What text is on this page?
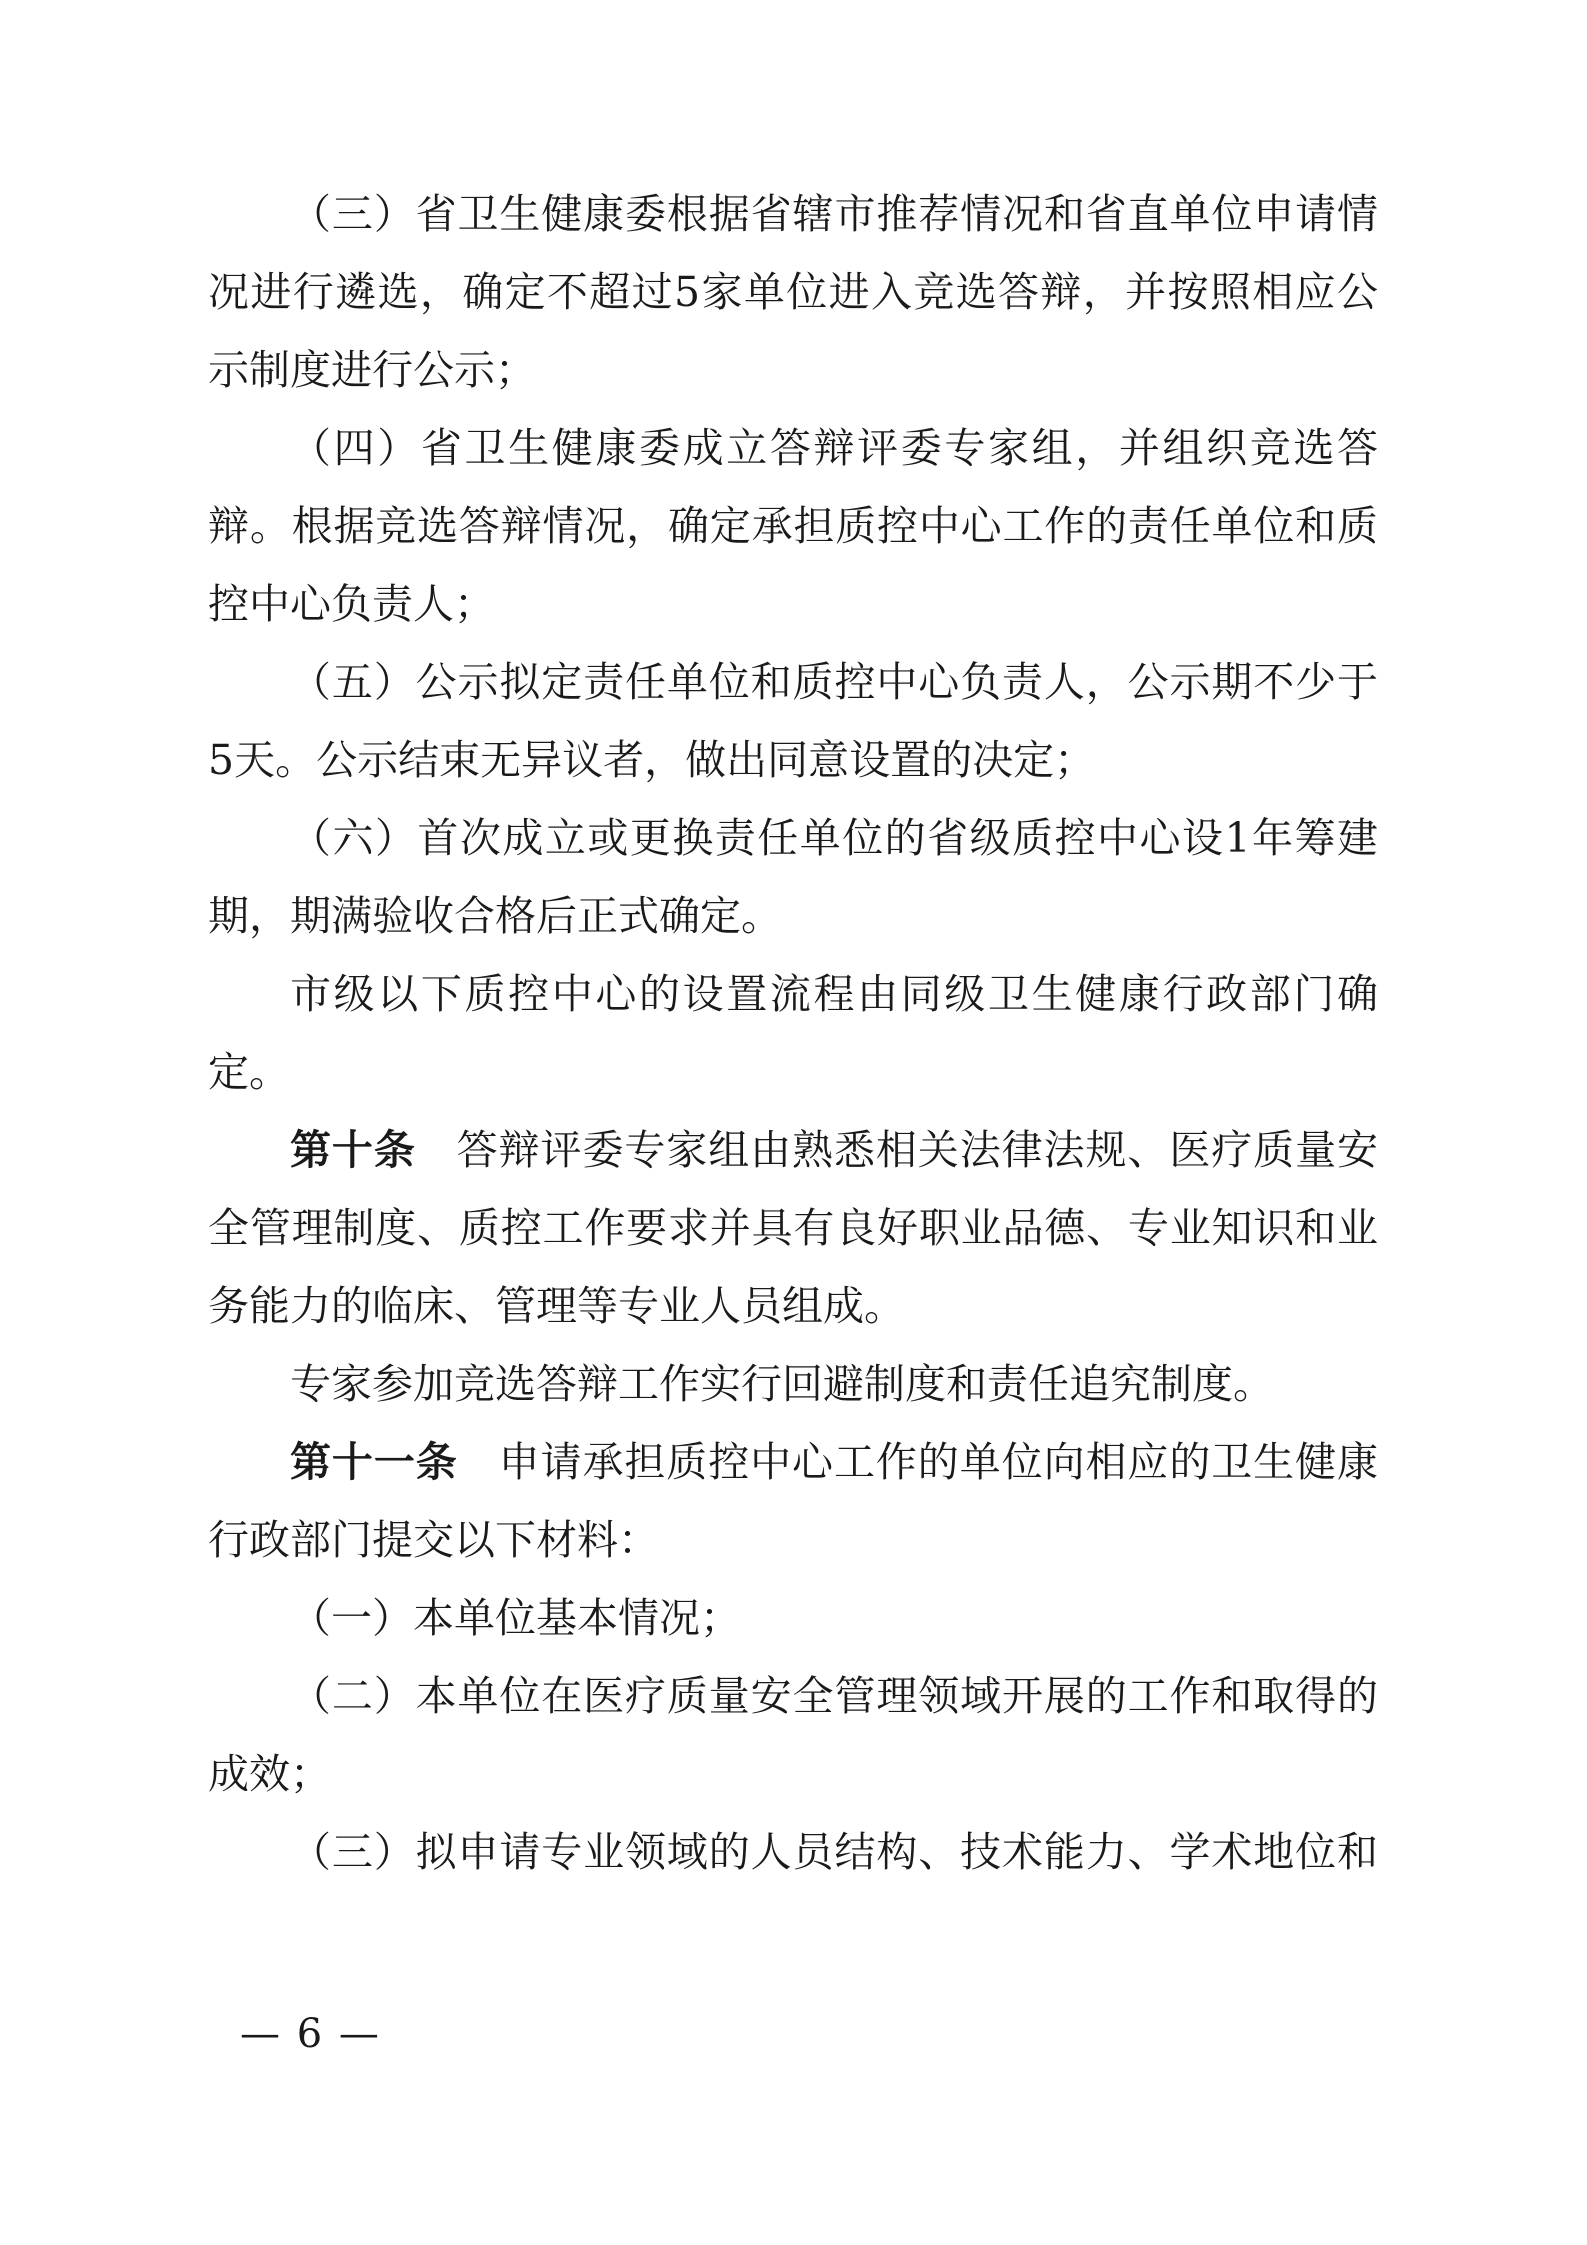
（三）省卫生健康委根据省辖市推荐情况和省直单位申请情
况进行遴选，确定不超过5家单位进入竞选答辩，并按照相应公
示制度进行公示；
（四）省卫生健康委成立答辩评委专家组，并组织竞选答
辩。根据竞选答辩情况，确定承担质控中心工作的责任单位和质
控中心负责人；
（五）公示拟定责任单位和质控中心负责人，公示期不少于
5天。公示结束无异议者，做出同意设置的决定；
（六）首次成立或更换责任单位的省级质控中心设1年筹建
期，期满验收合格后正式确定。
市级以下质控中心的设置流程由同级卫生健康行政部门确
定。
第十条 答辩评委专家组由熟悉相关法律法规、医疗质量安
全管理制度、质控工作要求并具有良好职业品德、专业知识和业
务能力的临床、管理等专业人员组成。
专家参加竞选答辩工作实行回避制度和责任追究制度。
第十一条 申请承担质控中心工作的单位向相应的卫生健康
行政部门提交以下材料：
（一）本单位基本情况；
（二）本单位在医疗质量安全管理领域开展的工作和取得的
成效；
（三）拟申请专业领域的人员结构、技术能力、学术地位和
— 6 —
